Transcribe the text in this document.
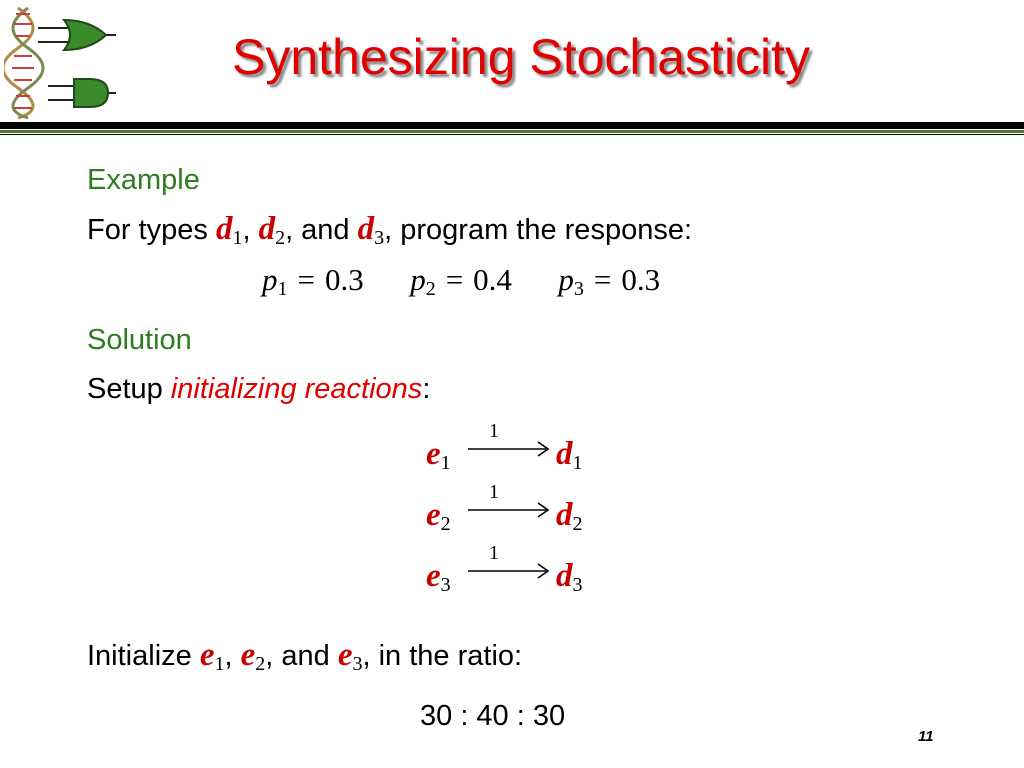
Synthesizing Stochasticity
Example
For types d1, d2, and d3, program the response:
p1 = 0.3 p2 = 0.4 p3 = 0.3
Solution
Setup initializing reactions:
e1
1
d1
e2
1
d2
e3
1
d3
Initialize e1, e2, and e3, in the ratio:
30 : 40 : 30
11
